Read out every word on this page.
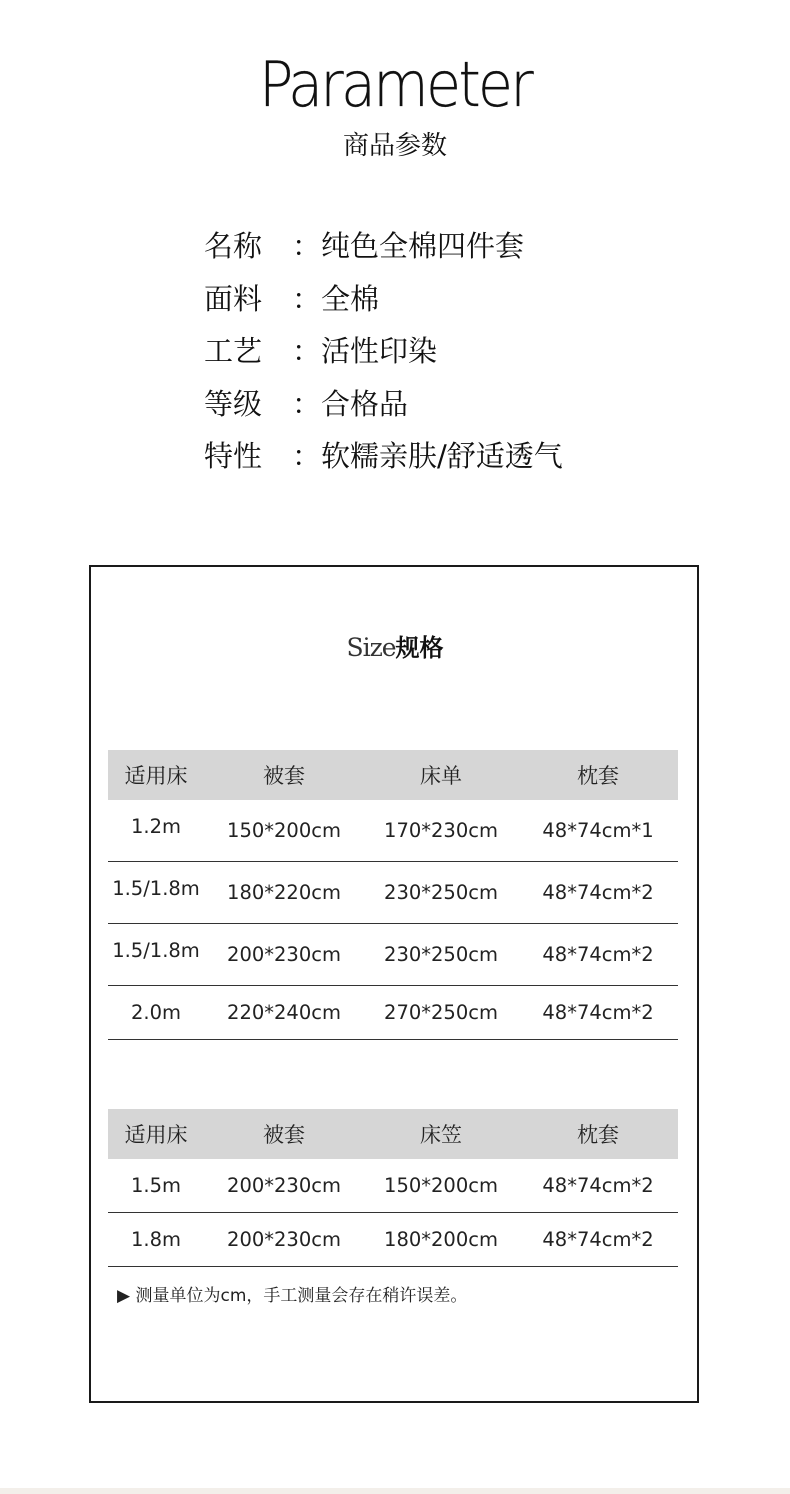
Parameter
商品参数
名称 ：纯色全棉四件套
面料 ：全棉
工艺 ：活性印染
等级 ：合格品
特性 ：软糯亲肤/舒适透气
Size规格
适用床	被套	床单	枕套
1.2m	150*200cm	170*230cm	48*74cm*1
1.5/1.8m	180*220cm	230*250cm	48*74cm*2
1.5/1.8m	200*230cm	230*250cm	48*74cm*2
2.0m	220*240cm	270*250cm	48*74cm*2
适用床	被套	床笠	枕套
1.5m	200*230cm	150*200cm	48*74cm*2
1.8m	200*230cm	180*200cm	48*74cm*2
▶ 测量单位为cm，手工测量会存在稍许误差。
